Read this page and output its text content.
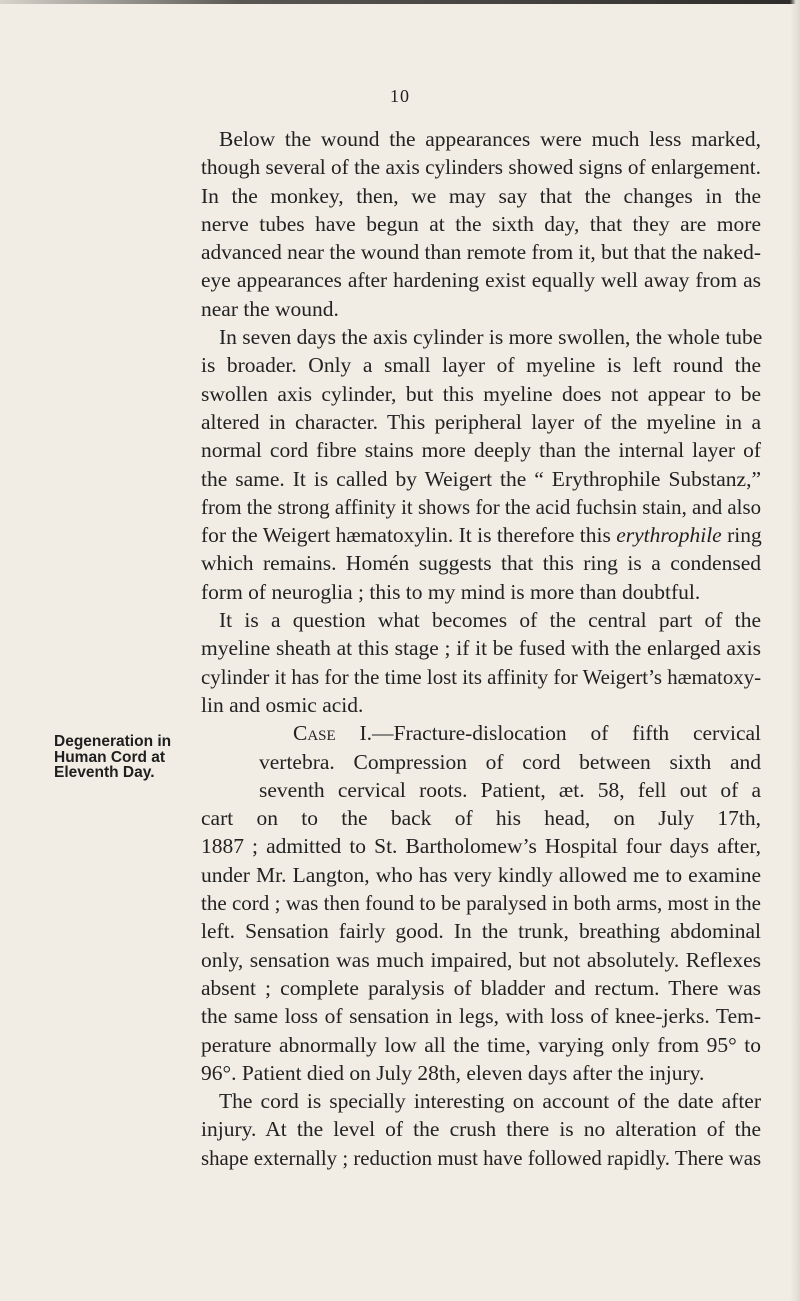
10
Degeneration in
Human Cord at
Eleventh Day.
Below the wound the appearances were much less marked,
though several of the axis cylinders showed signs of enlargement.
In the monkey, then, we may say that the changes in the
nerve tubes have begun at the sixth day, that they are more
advanced near the wound than remote from it, but that the naked-
eye appearances after hardening exist equally well away from as
near the wound.
In seven days the axis cylinder is more swollen, the whole tube
is broader. Only a small layer of myeline is left round the
swollen axis cylinder, but this myeline does not appear to be
altered in character. This peripheral layer of the myeline in a
normal cord fibre stains more deeply than the internal layer of
the same. It is called by Weigert the “ Erythrophile Substanz,”
from the strong affinity it shows for the acid fuchsin stain, and also
for the Weigert hæmatoxylin. It is therefore this erythrophile ring
which remains. Homén suggests that this ring is a condensed
form of neuroglia ; this to my mind is more than doubtful.
It is a question what becomes of the central part of the
myeline sheath at this stage ; if it be fused with the enlarged axis
cylinder it has for the time lost its affinity for Weigert’s hæmatoxy-
lin and osmic acid.
Case I.—Fracture-dislocation of fifth cervical
vertebra. Compression of cord between sixth and
seventh cervical roots. Patient, æt. 58, fell out of a
cart on to the back of his head, on July 17th,
1887 ; admitted to St. Bartholomew’s Hospital four days after,
under Mr. Langton, who has very kindly allowed me to examine
the cord ; was then found to be paralysed in both arms, most in the
left. Sensation fairly good. In the trunk, breathing abdominal
only, sensation was much impaired, but not absolutely. Reflexes
absent ; complete paralysis of bladder and rectum. There was
the same loss of sensation in legs, with loss of knee-jerks. Tem-
perature abnormally low all the time, varying only from 95° to
96°. Patient died on July 28th, eleven days after the injury.
The cord is specially interesting on account of the date after
injury. At the level of the crush there is no alteration of the
shape externally ; reduction must have followed rapidly. There was
